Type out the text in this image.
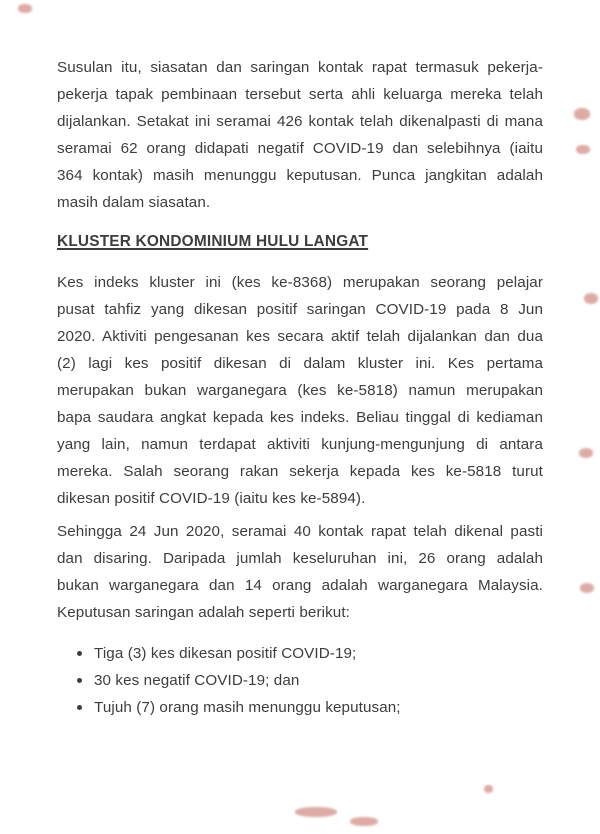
Susulan itu, siasatan dan saringan kontak rapat termasuk pekerja-
pekerja tapak pembinaan tersebut serta ahli keluarga mereka telah
dijalankan. Setakat ini seramai 426 kontak telah dikenalpasti di mana
seramai 62 orang didapati negatif COVID-19 dan selebihnya (iaitu
364 kontak) masih menunggu keputusan. Punca jangkitan adalah
masih dalam siasatan.
KLUSTER KONDOMINIUM HULU LANGAT
Kes indeks kluster ini (kes ke-8368) merupakan seorang pelajar
pusat tahfiz yang dikesan positif saringan COVID-19 pada 8 Jun
2020. Aktiviti pengesanan kes secara aktif telah dijalankan dan dua
(2) lagi kes positif dikesan di dalam kluster ini. Kes pertama
merupakan bukan warganegara (kes ke-5818) namun merupakan
bapa saudara angkat kepada kes indeks. Beliau tinggal di kediaman
yang lain, namun terdapat aktiviti kunjung-mengunjung di antara
mereka. Salah seorang rakan sekerja kepada kes ke-5818 turut
dikesan positif COVID-19 (iaitu kes ke-5894).
Sehingga 24 Jun 2020, seramai 40 kontak rapat telah dikenal pasti
dan disaring. Daripada jumlah keseluruhan ini, 26 orang adalah
bukan warganegara dan 14 orang adalah warganegara Malaysia.
Keputusan saringan adalah seperti berikut:
Tiga (3) kes dikesan positif COVID-19;
30 kes negatif COVID-19; dan
Tujuh (7) orang masih menunggu keputusan;
